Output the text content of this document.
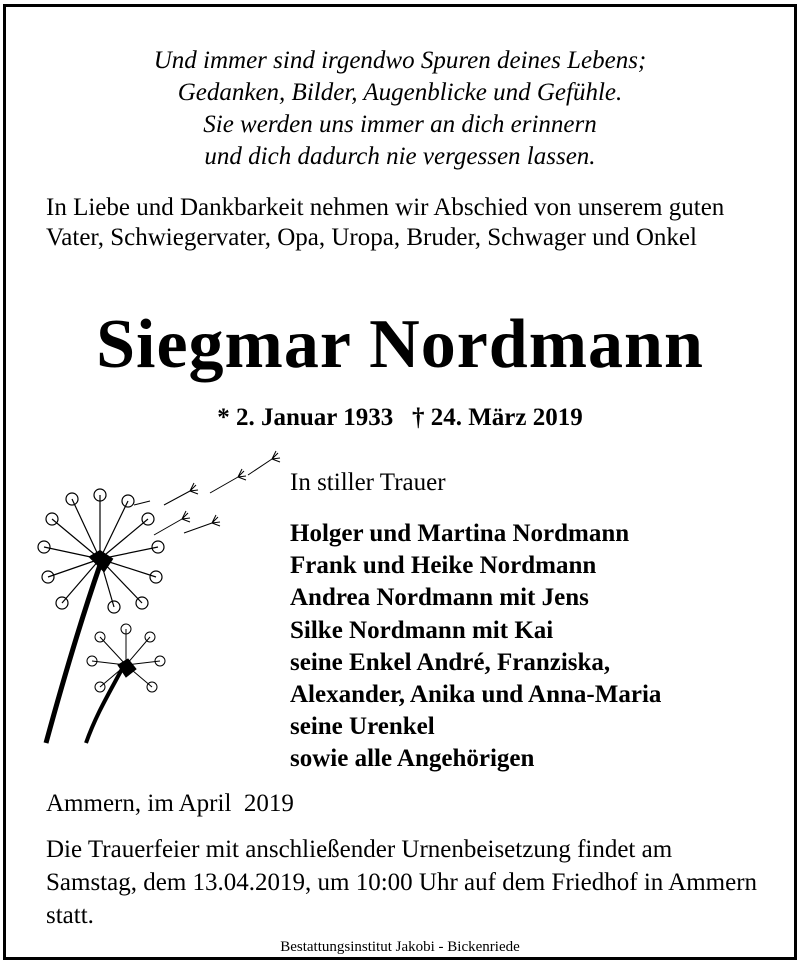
Und immer sind irgendwo Spuren deines Lebens;
Gedanken, Bilder, Augenblicke und Gefühle.
Sie werden uns immer an dich erinnern
und dich dadurch nie vergessen lassen.
In Liebe und Dankbarkeit nehmen wir Abschied von unserem guten Vater, Schwiegervater, Opa, Uropa, Bruder, Schwager und Onkel
Siegmar Nordmann
* 2. Januar 1933   † 24. März 2019
In stiller Trauer
Holger und Martina Nordmann
Frank und Heike Nordmann
Andrea Nordmann mit Jens
Silke Nordmann mit Kai
seine Enkel André, Franziska,
Alexander, Anika und Anna-Maria
seine Urenkel
sowie alle Angehörigen
Ammern, im April  2019
Die Trauerfeier mit anschließender Urnenbeisetzung findet am Samstag, dem 13.04.2019, um 10:00 Uhr auf dem Friedhof in Ammern statt.
Bestattungsinstitut Jakobi - Bickenriede
